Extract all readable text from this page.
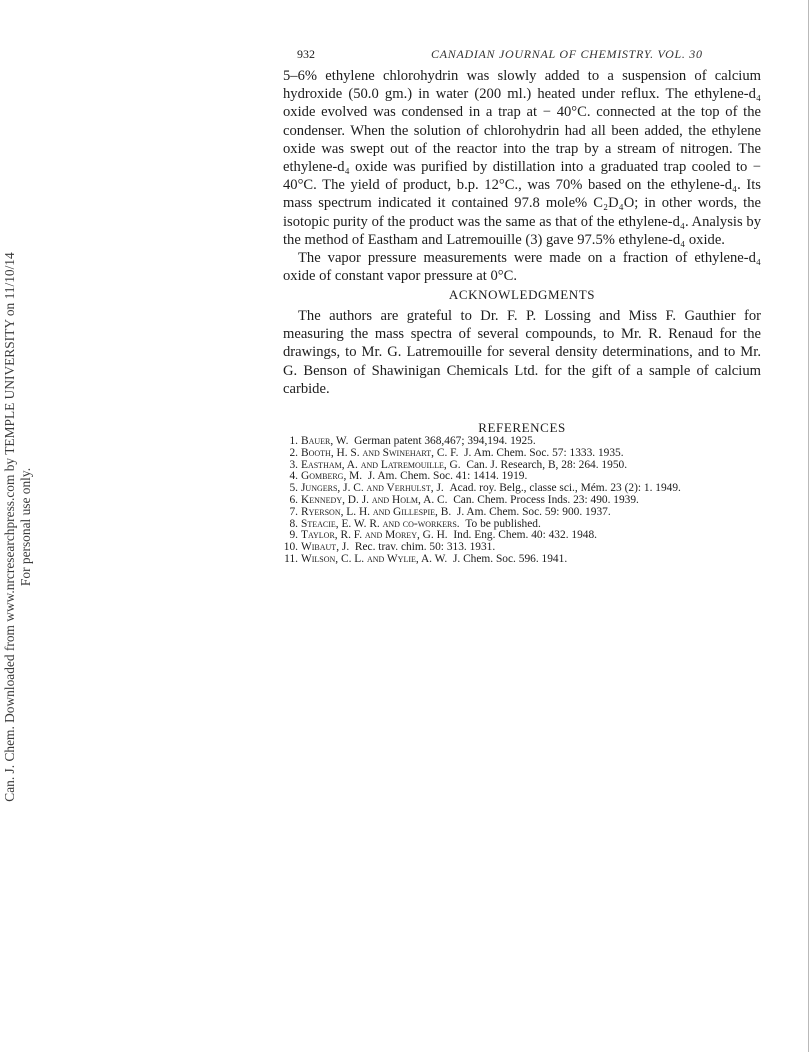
Can. J. Chem. Downloaded from www.nrcresearchpress.com by TEMPLE UNIVERSITY on 11/10/14 For personal use only.
932	CANADIAN JOURNAL OF CHEMISTRY. VOL. 30

5–6% ethylene chlorohydrin was slowly added to a suspension of calcium hydroxide (50.0 gm.) in water (200 ml.) heated under reflux. The ethylene-d₄ oxide evolved was condensed in a trap at − 40°C. connected at the top of the condenser. When the solution of chlorohydrin had all been added, the ethylene oxide was swept out of the reactor into the trap by a stream of nitrogen. The ethylene-d₄ oxide was purified by distillation into a graduated trap cooled to − 40°C. The yield of product, b.p. 12°C., was 70% based on the ethylene-d₄. Its mass spectrum indicated it contained 97.8 mole% C₂D₄O; in other words, the isotopic purity of the product was the same as that of the ethylene-d₄. Analysis by the method of Eastham and Latremouille (3) gave 97.5% ethylene-d₄ oxide.

The vapor pressure measurements were made on a fraction of ethylene-d₄ oxide of constant vapor pressure at 0°C.

ACKNOWLEDGMENTS
The authors are grateful to Dr. F. P. Lossing and Miss F. Gauthier for measuring the mass spectra of several compounds, to Mr. R. Renaud for the drawings, to Mr. G. Latremouille for several density determinations, and to Mr. G. Benson of Shawinigan Chemicals Ltd. for the gift of a sample of calcium carbide.
REFERENCES
1. Bauer, W. German patent 368,467; 394,194. 1925.
2. Booth, H. S. and Swinehart, C. F. J. Am. Chem. Soc. 57: 1333. 1935.
3. Eastham, A. and Latremouille, G. Can. J. Research, B, 28: 264. 1950.
4. Gomberg, M. J. Am. Chem. Soc. 41: 1414. 1919.
5. Jungers, J. C. and Verhulst, J. Acad. roy. Belg., classe sci., Mém. 23 (2): 1. 1949.
6. Kennedy, D. J. and Holm, A. C. Can. Chem. Process Inds. 23: 490. 1939.
7. Ryerson, L. H. and Gillespie, B. J. Am. Chem. Soc. 59: 900. 1937.
8. Steacie, E. W. R. and co-workers. To be published.
9. Taylor, R. F. and Morey, G. H. Ind. Eng. Chem. 40: 432. 1948.
10. Wibaut, J. Rec. trav. chim. 50: 313. 1931.
11. Wilson, C. L. and Wylie, A. W. J. Chem. Soc. 596. 1941.
